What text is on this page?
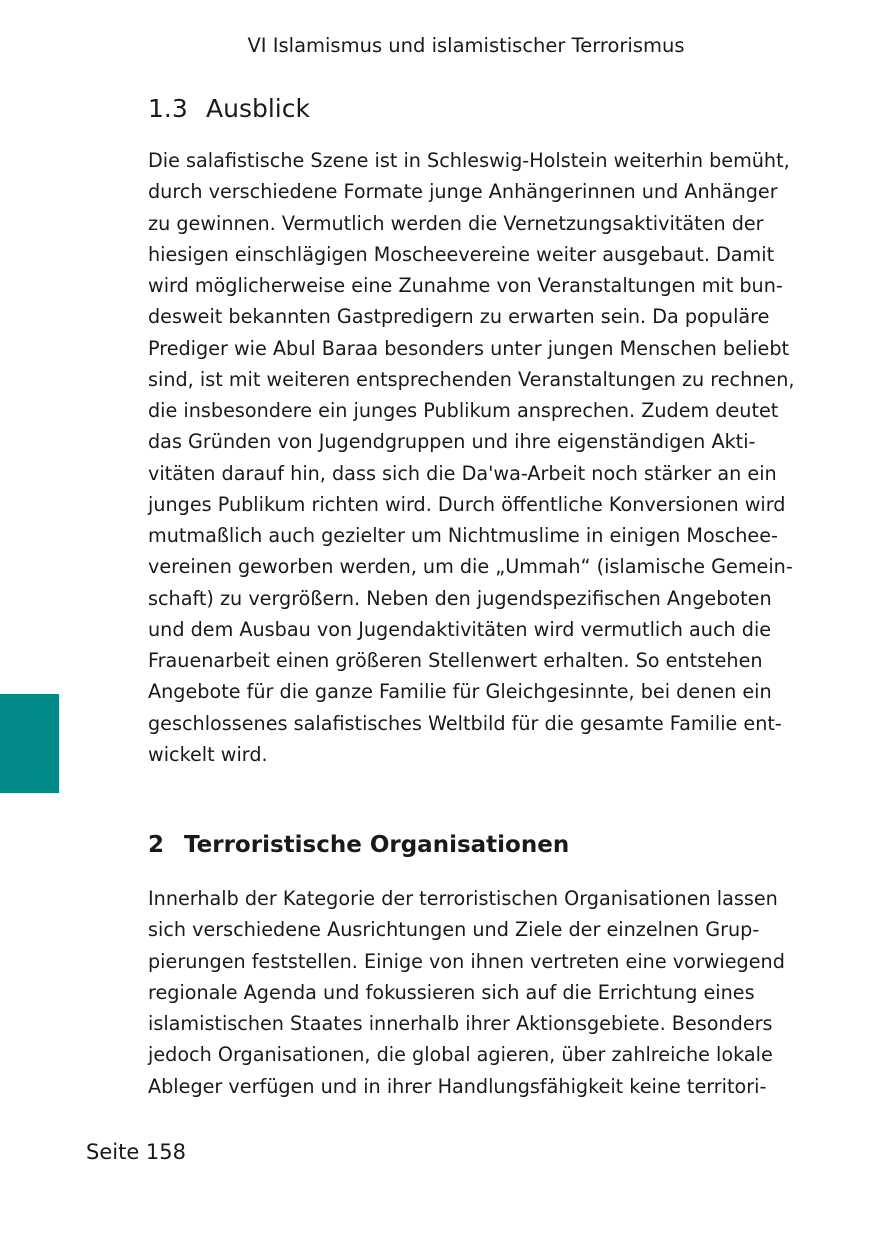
VI Islamismus und islamistischer Terrorismus
1.3 Ausblick

Die salafistische Szene ist in Schleswig-Holstein weiterhin bemüht,
durch verschiedene Formate junge Anhängerinnen und Anhänger
zu gewinnen. Vermutlich werden die Vernetzungsaktivitäten der
hiesigen einschlägigen Moscheevereine weiter ausgebaut. Damit
wird möglicherweise eine Zunahme von Veranstaltungen mit bun-
desweit bekannten Gastpredigern zu erwarten sein. Da populäre
Prediger wie Abul Baraa besonders unter jungen Menschen beliebt
sind, ist mit weiteren entsprechenden Veranstaltungen zu rechnen,
die insbesondere ein junges Publikum ansprechen. Zudem deutet
das Gründen von Jugendgruppen und ihre eigenständigen Akti-
vitäten darauf hin, dass sich die Da'wa-Arbeit noch stärker an ein
junges Publikum richten wird. Durch öffentliche Konversionen wird
mutmaßlich auch gezielter um Nichtmuslime in einigen Moschee-
vereinen geworben werden, um die „Ummah“ (islamische Gemein-
schaft) zu vergrößern. Neben den jugendspezifischen Angeboten
und dem Ausbau von Jugendaktivitäten wird vermutlich auch die
Frauenarbeit einen größeren Stellenwert erhalten. So entstehen
Angebote für die ganze Familie für Gleichgesinnte, bei denen ein
geschlossenes salafistisches Weltbild für die gesamte Familie ent-
wickelt wird.

2 Terroristische Organisationen

Innerhalb der Kategorie der terroristischen Organisationen lassen
sich verschiedene Ausrichtungen und Ziele der einzelnen Grup-
pierungen feststellen. Einige von ihnen vertreten eine vorwiegend
regionale Agenda und fokussieren sich auf die Errichtung eines
islamistischen Staates innerhalb ihrer Aktionsgebiete. Besonders
jedoch Organisationen, die global agieren, über zahlreiche lokale
Ableger verfügen und in ihrer Handlungsfähigkeit keine territori-

Seite 158
